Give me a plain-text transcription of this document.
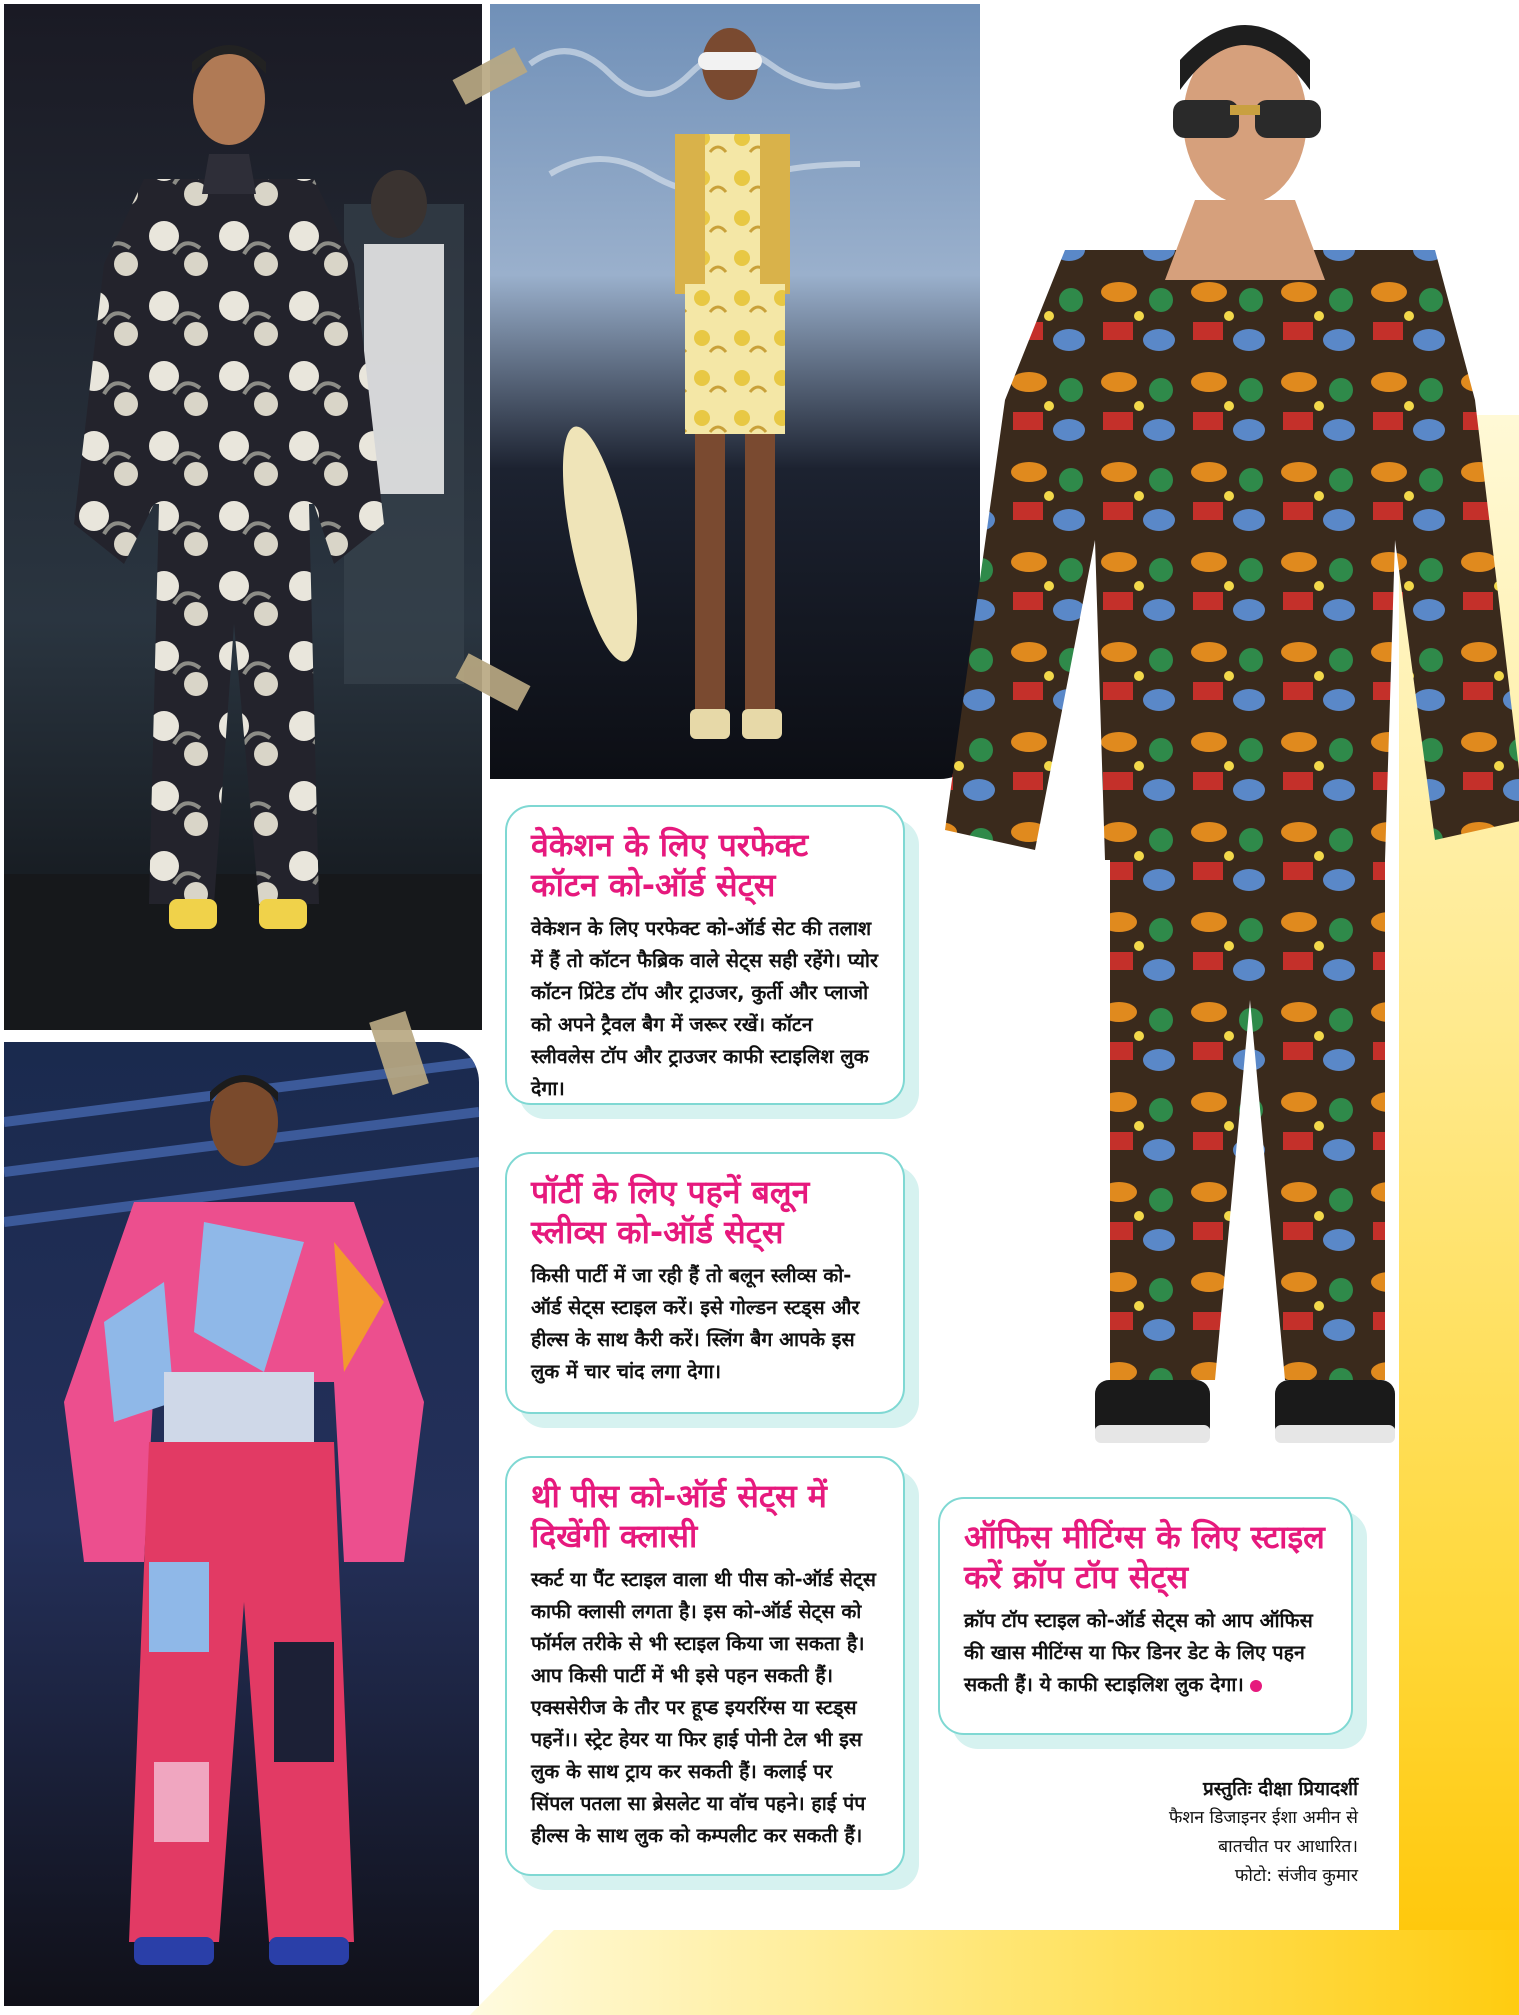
वेकेशन के लिए परफेक्ट कॉटन को-ऑर्ड सेट्स

वेकेशन के लिए परफेक्ट को-ऑर्ड सेट की तलाश में हैं तो कॉटन फैब्रिक वाले सेट्स सही रहेंगे। प्योर कॉटन प्रिंटेड टॉप और ट्राउजर, कुर्ती और प्लाजो को अपने ट्रैवल बैग में जरूर रखें। कॉटन स्लीवलेस टॉप और ट्राउजर काफी स्टाइलिश लुक देगा।

पॉर्टी के लिए पहनें बलून स्लीव्स को-ऑर्ड सेट्स

किसी पार्टी में जा रही हैं तो बलून स्लीव्स को-ऑर्ड सेट्स स्टाइल करें। इसे गोल्डन स्टड्स और हील्स के साथ कैरी करें। स्लिंग बैग आपके इस लुक में चार चांद लगा देगा।

थी पीस को-ऑर्ड सेट्स में दिखेंगी क्लासी

स्कर्ट या पैंट स्टाइल वाला थी पीस को-ऑर्ड सेट्स काफी क्लासी लगता है। इस को-ऑर्ड सेट्स को फॉर्मल तरीके से भी स्टाइल किया जा सकता है। आप किसी पार्टी में भी इसे पहन सकती हैं। एक्ससेरीज के तौर पर हूप्ड इयररिंग्स या स्टड्स पहनें।। स्ट्रेट हेयर या फिर हाई पोनी टेल भी इस लुक के साथ ट्राय कर सकती हैं। कलाई पर सिंपल पतला सा ब्रेसलेट या वॉच पहने। हाई पंप हील्स के साथ लुक को कम्पलीट कर सकती हैं।

ऑफिस मीटिंग्स के लिए स्टाइल करें क्रॉप टॉप सेट्स

क्रॉप टॉप स्टाइल को-ऑर्ड सेट्स को आप ऑफिस की खास मीटिंग्स या फिर डिनर डेट के लिए पहन सकती हैं। ये काफी स्टाइलिश लुक देगा।

प्रस्तुतिः दीक्षा प्रियादर्शी
फैशन डिजाइनर ईशा अमीन से
बातचीत पर आधारित।
फोटो: संजीव कुमार
